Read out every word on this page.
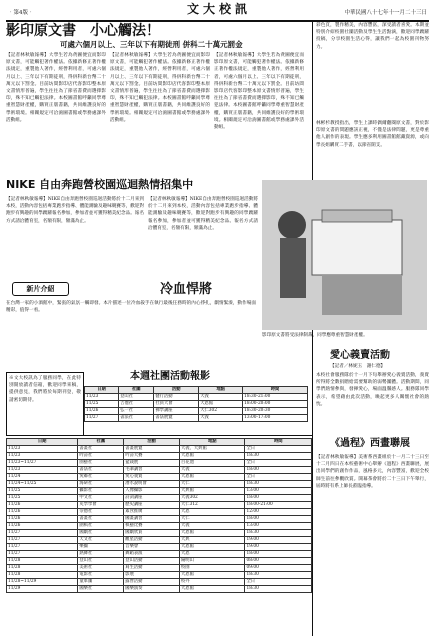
‧第4版‧	文大校訊	中華民國八十七年十一月二十三日
影印原文書　小心觸法！
可處六個月以上、三年以下有期徒刑 併科二十萬元罰金
【記者林秋敏報導】大學生若為貪圖便宜而影印原文書，可能觸犯著作權法。依據新修正著作權法規定，重製他人著作，經營利用者，可處六個月以上、三年以下有期徒刑，得併科新台幣二十萬元以下罰金。目前坊間影印店代客影印整本原文書情形普遍，學生往往為了節省書費而選擇影印，殊不知已觸犯法律。本校圖書館呼籲同學尊重智慧財產權，購買正版書籍，共同維護良好的學術環境。相關規定可洽詢圖書館或學務處課外活動組。
【記者林秋敏報導】大學生若為貪圖便宜而影印原文書，可能觸犯著作權法。依據新修正著作權法規定，重製他人著作，經營利用者，可處六個月以上、三年以下有期徒刑，得併科新台幣二十萬元以下罰金。目前坊間影印店代客影印整本原文書情形普遍，學生往往為了節省書費而選擇影印，殊不知已觸犯法律。本校圖書館呼籲同學尊重智慧財產權，購買正版書籍，共同維護良好的學術環境。相關規定可洽詢圖書館或學務處課外活動組。
【記者林秋敏報導】大學生若為貪圖便宜而影印原文書，可能觸犯著作權法。依據新修正著作權法規定，重製他人著作，經營利用者，可處六個月以上、三年以下有期徒刑，得併科新台幣二十萬元以下罰金。目前坊間影印店代客影印整本原文書情形普遍，學生往往為了節省書費而選擇影印，殊不知已觸犯法律。本校圖書館呼籲同學尊重智慧財產權，購買正版書籍，共同維護良好的學術環境。相關規定可洽詢圖書館或學務處課外活動組。
彩色頁，製作精美，內容豐富，深受讀者喜愛。本期並特別介紹校園社團活動及學生生活點滴，歡迎同學踴躍投稿，分享校園生活心得，讓我們一起為校園刊物努力。
林彬杉教授指出，學生上課時偶爾翻閱原文書，對於影印原文書的問題應該正視，不僅是法律問題，更是尊重他人創作的表現。學生應多利用圖書館館藏資源，或向學長姐購買二手書，以節省開支。
NIKE 自由奔跑營校園巡迴熱情招集中
【記者林秋敏報導】NIKE自由奔跑營校園巡迴活動將於十二月來到本校，活動內容包括專業跑步指導、體能測驗及趣味競賽等，歡迎對跑步有興趣的同學踴躍報名參加，參加者並可獲得精美紀念品。報名方式請洽體育室，名額有限，額滿為止。
【記者林秋敏報導】NIKE自由奔跑營校園巡迴活動將於十二月來到本校，活動內容包括專業跑步指導、體能測驗及趣味競賽等，歡迎對跑步有興趣的同學踴躍報名參加，參加者並可獲得精美紀念品。報名方式請洽體育室，名額有限，額滿為止。
影印原文書將受法律制裁，同學應尊重智慧財產權。
新片介紹	冷血悍將
在台灣一家的小酒館中，緊張的氣氛一觸即發。本片描述一位冷血殺手在執行最後任務時的內心掙扎，劇情緊湊，動作場面精彩，值得一看。
※文大校訊為了服務同學，在此特別開放讀者信箱，歡迎同學來稿，提供意見，我們將於每期刊登，敬請密切期待。
本週社團活動報影
日期	社團	活動	地點	時間
11/23	登山社	健行活動	大義	18:30-21:00
11/25	吉他社	社員大會	大恩館	18:00-20:00
11/26	弘一社	佛學講座	大仁302	18:30-20:30
11/27	書法社	書法展覽	大義	13:00-17:00
愛心義賣活動
【記者／林妮玉　謝仁德】
本校社會服務隊於十一月下旬舉辦愛心義賣活動，義賣所得將全數捐贈給需要幫助的弱勢團體。活動期間，同學們熱情參與，發揮愛心，場面溫馨感人。服務隊同學表示，希望藉由此次活動，喚起更多人關懷社會的熱忱。
日期	社團	活動	地點	時間
11/23	書畫社	書畫展覽	大義、大典館	全日
11/23	吟詩社	吟詩大賽	大恩館	18:30
11/23~11/27	園藝社	盆栽展	百花池	全日
11/23	書法社	毛筆講習	大義	18:00
11/24	愛鄰社	愛心義賣	大恩館	全日
11/24~11/25	海研社	潛水說明會	大仁	18:30
11/25	攝影社	人像攝影	大典館	13:00
11/25	中文社	詩詞講座	大義302	18:00
11/26	史學學會	歷史講座	大仁312	18:00-21:00
11/26	崇德社	素食推廣	大恩	12:00
11/26	書畫社	國畫講習	大仁	18:00
11/26	圍棋社	棋藝比賽	大義	13:00
11/27	國劇社	國劇欣賞	大恩館	18:30
11/27	天文社	觀星活動	大典	19:00
11/27	樂團	音樂會	大恩館	19:00
11/27	熱舞社	舞蹈表演	大恩	18:00
11/28	登山社	登山活動	陽明山	08:00
11/28	美術社	寫生活動	校園	09:00
11/28	電影社	影展	大恩館	18:30
11/28~11/29	童軍團	露營活動	校外	全日
11/29	國樂社	國樂演奏	大恩館	18:30
《過程》西畫聯展
【記者林秋敏報導】美術系西畫組於十一月二十三日至十二月四日在本校藝術中心舉辦《過程》西畫聯展，展出同學們的創作作品，風格多元，內容豐富，歡迎全校師生前往參觀欣賞。開幕茶會將於二十三日下午舉行，屆時將有系上師長蒞臨指導。
